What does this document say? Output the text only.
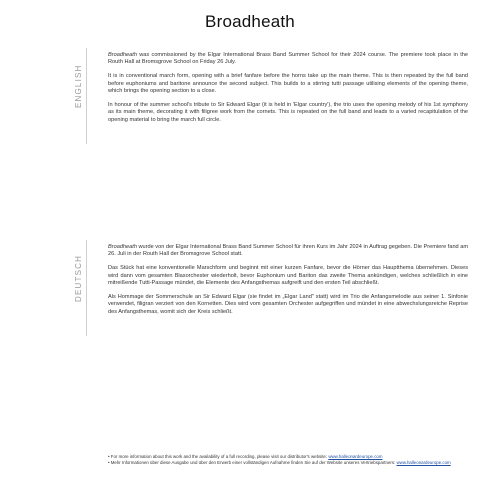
Broadheath
ENGLISH

Broadheath was commissioned by the Elgar International Brass Band Summer School for their 2024 course. The premiere took place in the Routh Hall at Bromsgrove School on Friday 26 July.

It is in conventional march form, opening with a brief fanfare before the horns take up the main theme. This is then repeated by the full band before euphoniums and baritone announce the second subject. This builds to a stirring tutti passage utilising elements of the opening theme, which brings the opening section to a close.

In honour of the summer school's tribute to Sir Edward Elgar (it is held in 'Elgar country'), the trio uses the opening melody of his 1st symphony as its main theme, decorating it with filigree work from the cornets. This is repeated on the full band and leads to a varied recapitulation of the opening material to bring the march full circle.

DEUTSCH

Broadheath wurde von der Elgar International Brass Band Summer School für ihren Kurs im Jahr 2024 in Auftrag gegeben. Die Premiere fand am 26. Juli in der Routh Hall der Bromsgrove School statt.

Das Stück hat eine konventionelle Marschform und beginnt mit einer kurzen Fanfare, bevor die Hörner das Hauptthema übernehmen. Dieses wird dann vom gesamten Blasorchester wiederholt, bevor Euphonium und Bariton das zweite Thema ankündigen, welches schließlich in eine mitreißende Tutti-Passage mündet, die Elemente des Anfangsthemas aufgreift und den ersten Teil abschließt.

Als Hommage der Sommerschule an Sir Edward Elgar (sie findet im „Elgar Land" statt) wird im Trio die Anfangsmelodie aus seiner 1. Sinfonie verwendet, filigran verziert von den Kornetten. Dies wird vom gesamten Orchester aufgegriffen und mündet in eine abwechslungsreiche Reprise des Anfangsthemas, womit sich der Kreis schließt.

• For more information about this work and the availability of a full recording, please visit our distributor's website: www.halleonardeurope.com
• Mehr Informationen über diese Ausgabe und über den Erwerb einer vollständigen Aufnahme finden Sie auf der Website unseres Vertriebspartners: www.halleonardeurope.com
